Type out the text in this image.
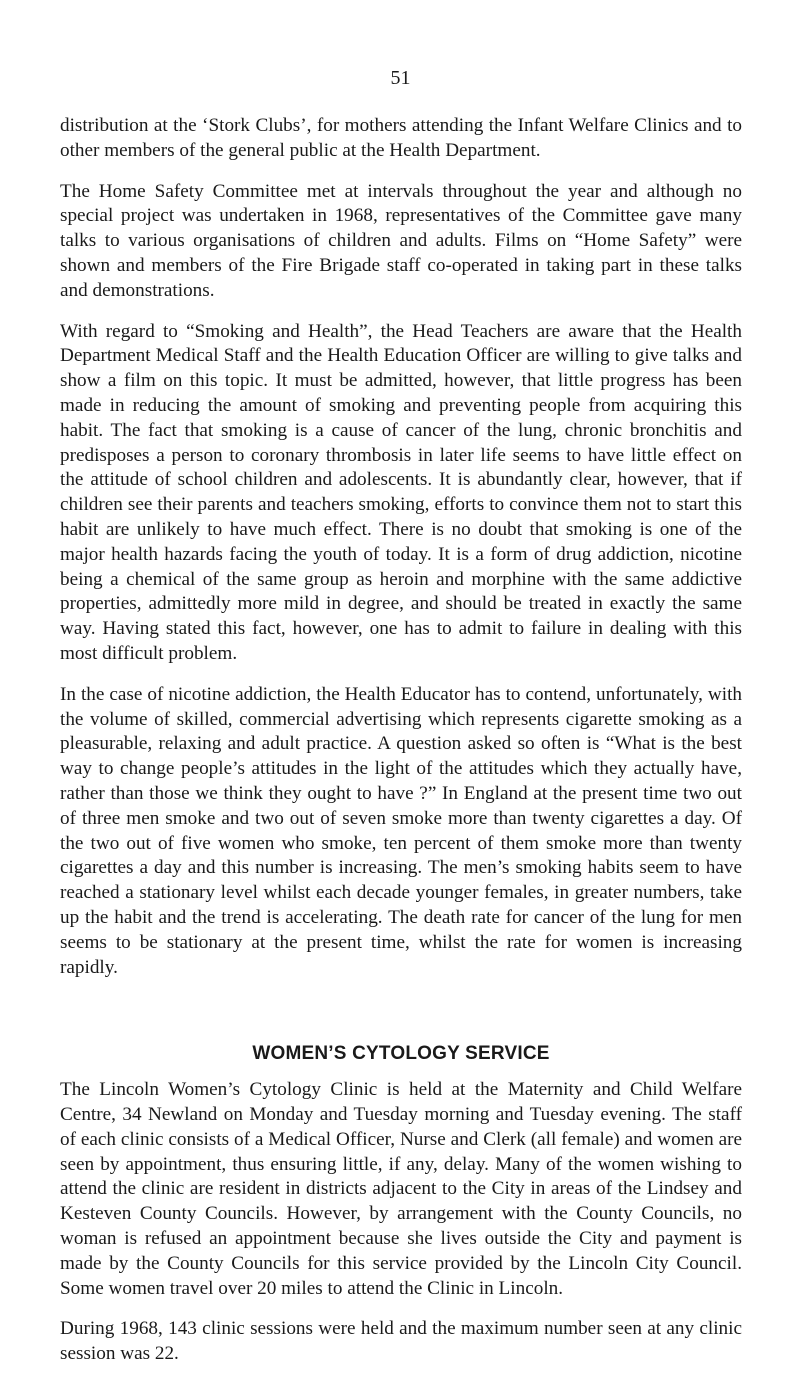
51

distribution at the ‘Stork Clubs’, for mothers attending the Infant Welfare Clinics and to other members of the general public at the Health Department.

The Home Safety Committee met at intervals throughout the year and although no special project was undertaken in 1968, representatives of the Committee gave many talks to various organisations of children and adults. Films on “Home Safety” were shown and members of the Fire Brigade staff co-operated in taking part in these talks and demonstrations.

With regard to “Smoking and Health”, the Head Teachers are aware that the Health Department Medical Staff and the Health Education Officer are willing to give talks and show a film on this topic. It must be admitted, however, that little progress has been made in reducing the amount of smoking and preventing people from acquiring this habit. The fact that smoking is a cause of cancer of the lung, chronic bronchitis and predisposes a person to coronary thrombosis in later life seems to have little effect on the attitude of school children and adolescents. It is abundantly clear, however, that if children see their parents and teachers smoking, efforts to convince them not to start this habit are unlikely to have much effect. There is no doubt that smoking is one of the major health hazards facing the youth of today. It is a form of drug addiction, nicotine being a chemical of the same group as heroin and morphine with the same addictive properties, admittedly more mild in degree, and should be treated in exactly the same way. Having stated this fact, however, one has to admit to failure in dealing with this most difficult problem.

In the case of nicotine addiction, the Health Educator has to contend, unfortunately, with the volume of skilled, commercial advertising which represents cigarette smoking as a pleasurable, relaxing and adult practice. A question asked so often is “What is the best way to change people’s attitudes in the light of the attitudes which they actually have, rather than those we think they ought to have ?” In England at the present time two out of three men smoke and two out of seven smoke more than twenty cigarettes a day. Of the two out of five women who smoke, ten percent of them smoke more than twenty cigarettes a day and this number is increasing. The men’s smoking habits seem to have reached a stationary level whilst each decade younger females, in greater numbers, take up the habit and the trend is accelerating. The death rate for cancer of the lung for men seems to be stationary at the present time, whilst the rate for women is increasing rapidly.

WOMEN’S CYTOLOGY SERVICE

The Lincoln Women’s Cytology Clinic is held at the Maternity and Child Welfare Centre, 34 Newland on Monday and Tuesday morning and Tuesday evening. The staff of each clinic consists of a Medical Officer, Nurse and Clerk (all female) and women are seen by appointment, thus ensuring little, if any, delay. Many of the women wishing to attend the clinic are resident in districts adjacent to the City in areas of the Lindsey and Kesteven County Councils. However, by arrangement with the County Councils, no woman is refused an appointment because she lives outside the City and payment is made by the County Councils for this service provided by the Lincoln City Council. Some women travel over 20 miles to attend the Clinic in Lincoln.

During 1968, 143 clinic sessions were held and the maximum number seen at any clinic session was 22.
